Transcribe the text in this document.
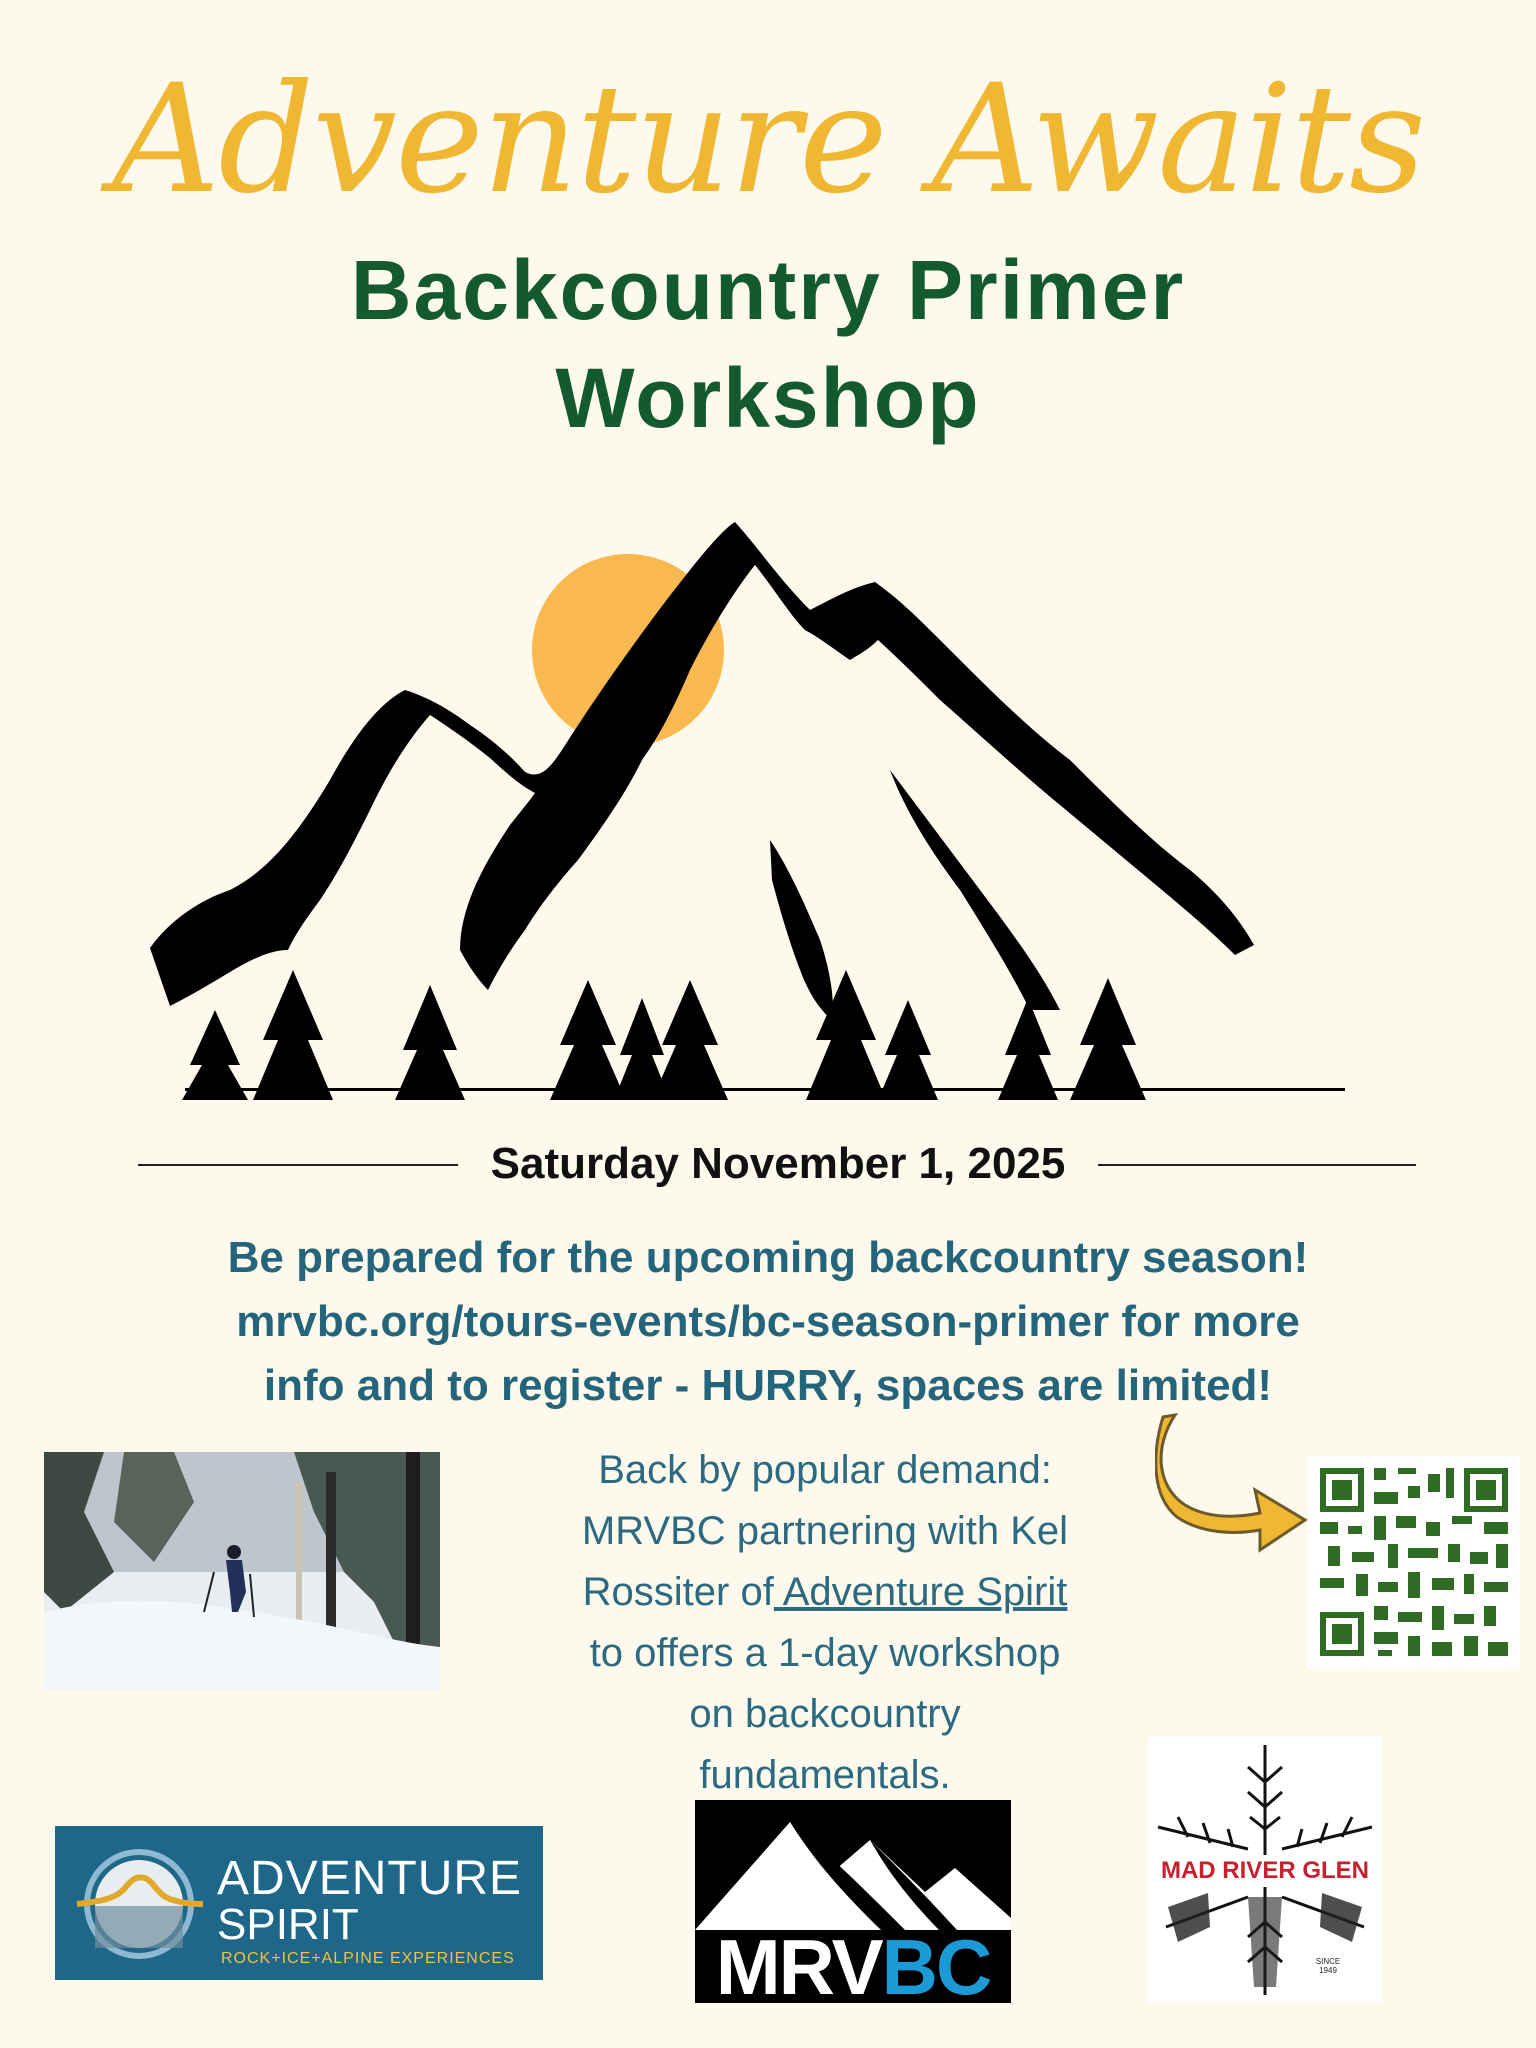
Adventure Awaits
Backcountry Primer
Workshop
Saturday November 1, 2025
Be prepared for the upcoming backcountry season!
mrvbc.org/tours-events/bc-season-primer for more
info and to register - HURRY, spaces are limited!
Back by popular demand:
MRVBC partnering with Kel
Rossiter of Adventure Spirit
to offers a 1-day workshop
on backcountry
fundamentals.
ADVENTURE
SPIRIT
ROCK+ICE+ALPINE EXPERIENCES	MRVBC
MAD RIVER GLEN
SINCE 1949
